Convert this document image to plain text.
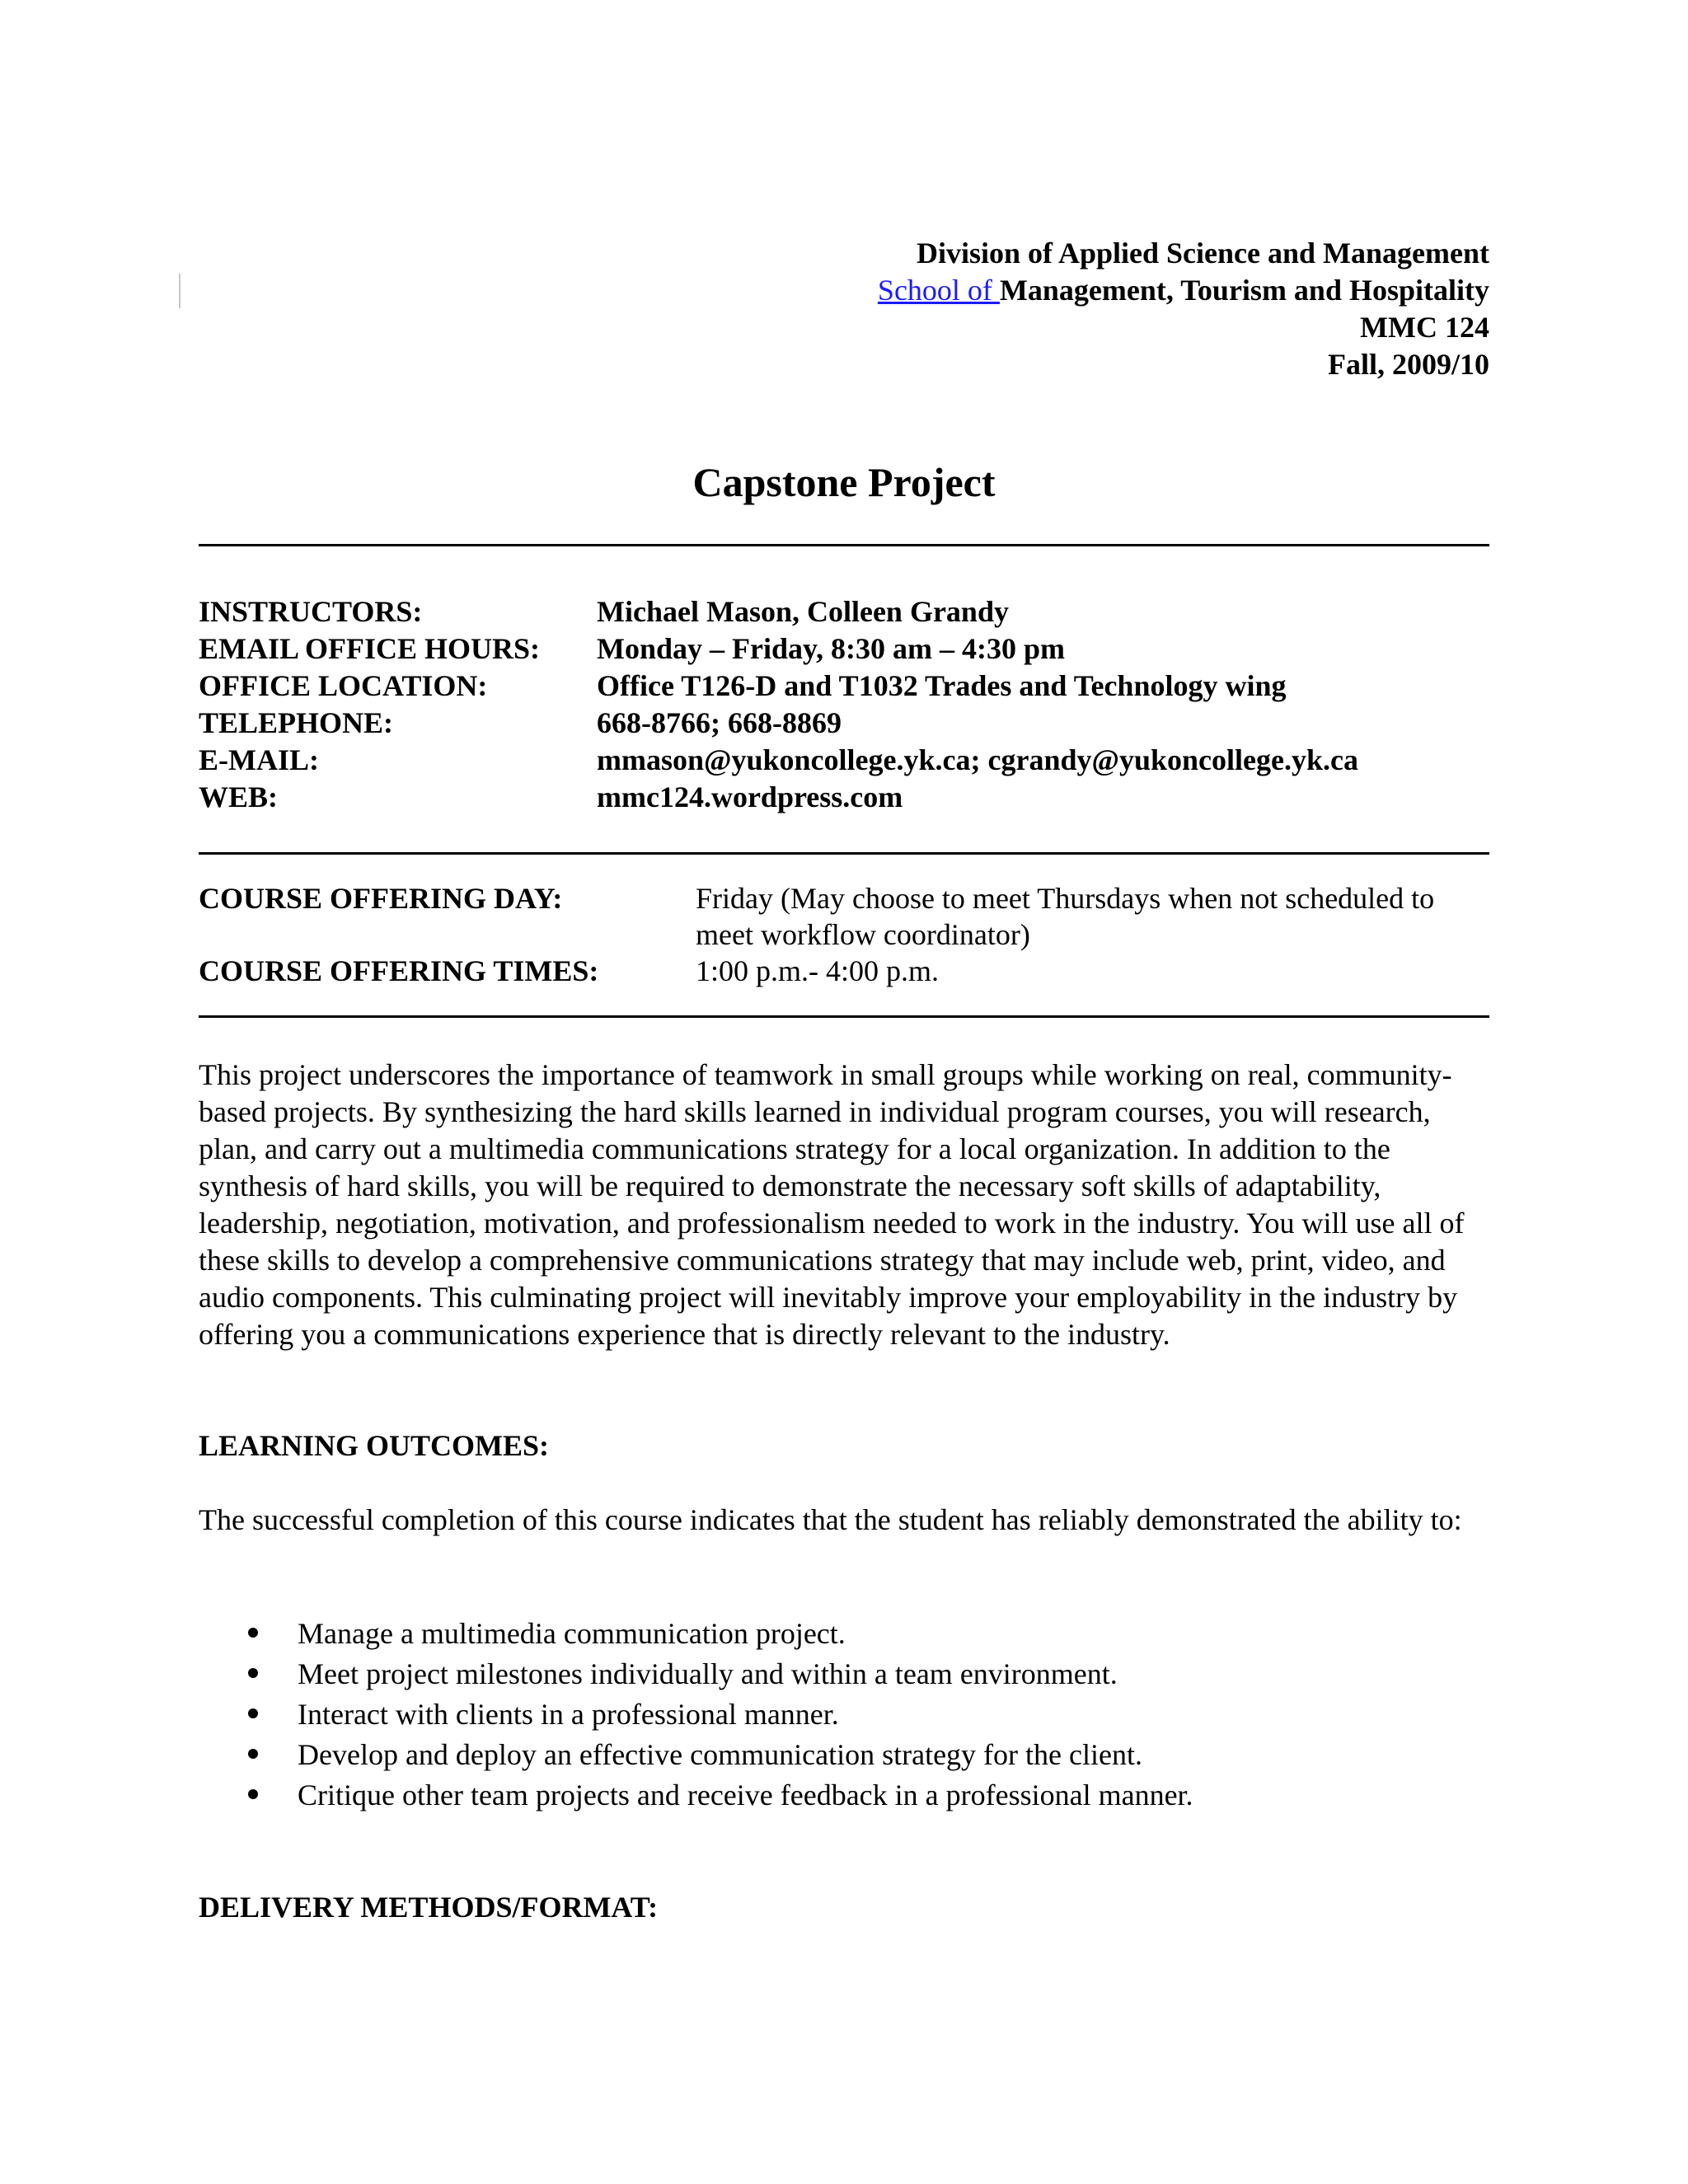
Division of Applied Science and Management
School of Management, Tourism and Hospitality
MMC 124
Fall, 2009/10
Capstone Project
INSTRUCTORS:	Michael Mason, Colleen Grandy
EMAIL OFFICE HOURS:	Monday – Friday, 8:30 am – 4:30 pm
OFFICE LOCATION:	Office T126-D and T1032 Trades and Technology wing
TELEPHONE:	668-8766; 668-8869
E-MAIL:	mmason@yukoncollege.yk.ca; cgrandy@yukoncollege.yk.ca
WEB:	mmc124.wordpress.com
COURSE OFFERING DAY:	Friday (May choose to meet Thursdays when not scheduled to meet workflow coordinator)
COURSE OFFERING TIMES:	1:00 p.m.- 4:00 p.m.
This project underscores the importance of teamwork in small groups while working on real, community-based projects. By synthesizing the hard skills learned in individual program courses, you will research, plan, and carry out a multimedia communications strategy for a local organization. In addition to the synthesis of hard skills, you will be required to demonstrate the necessary soft skills of adaptability, leadership, negotiation, motivation, and professionalism needed to work in the industry. You will use all of these skills to develop a comprehensive communications strategy that may include web, print, video, and audio components. This culminating project will inevitably improve your employability in the industry by offering you a communications experience that is directly relevant to the industry.
LEARNING OUTCOMES:
The successful completion of this course indicates that the student has reliably demonstrated the ability to:
Manage a multimedia communication project.
Meet project milestones individually and within a team environment.
Interact with clients in a professional manner.
Develop and deploy an effective communication strategy for the client.
Critique other team projects and receive feedback in a professional manner.
DELIVERY METHODS/FORMAT:
